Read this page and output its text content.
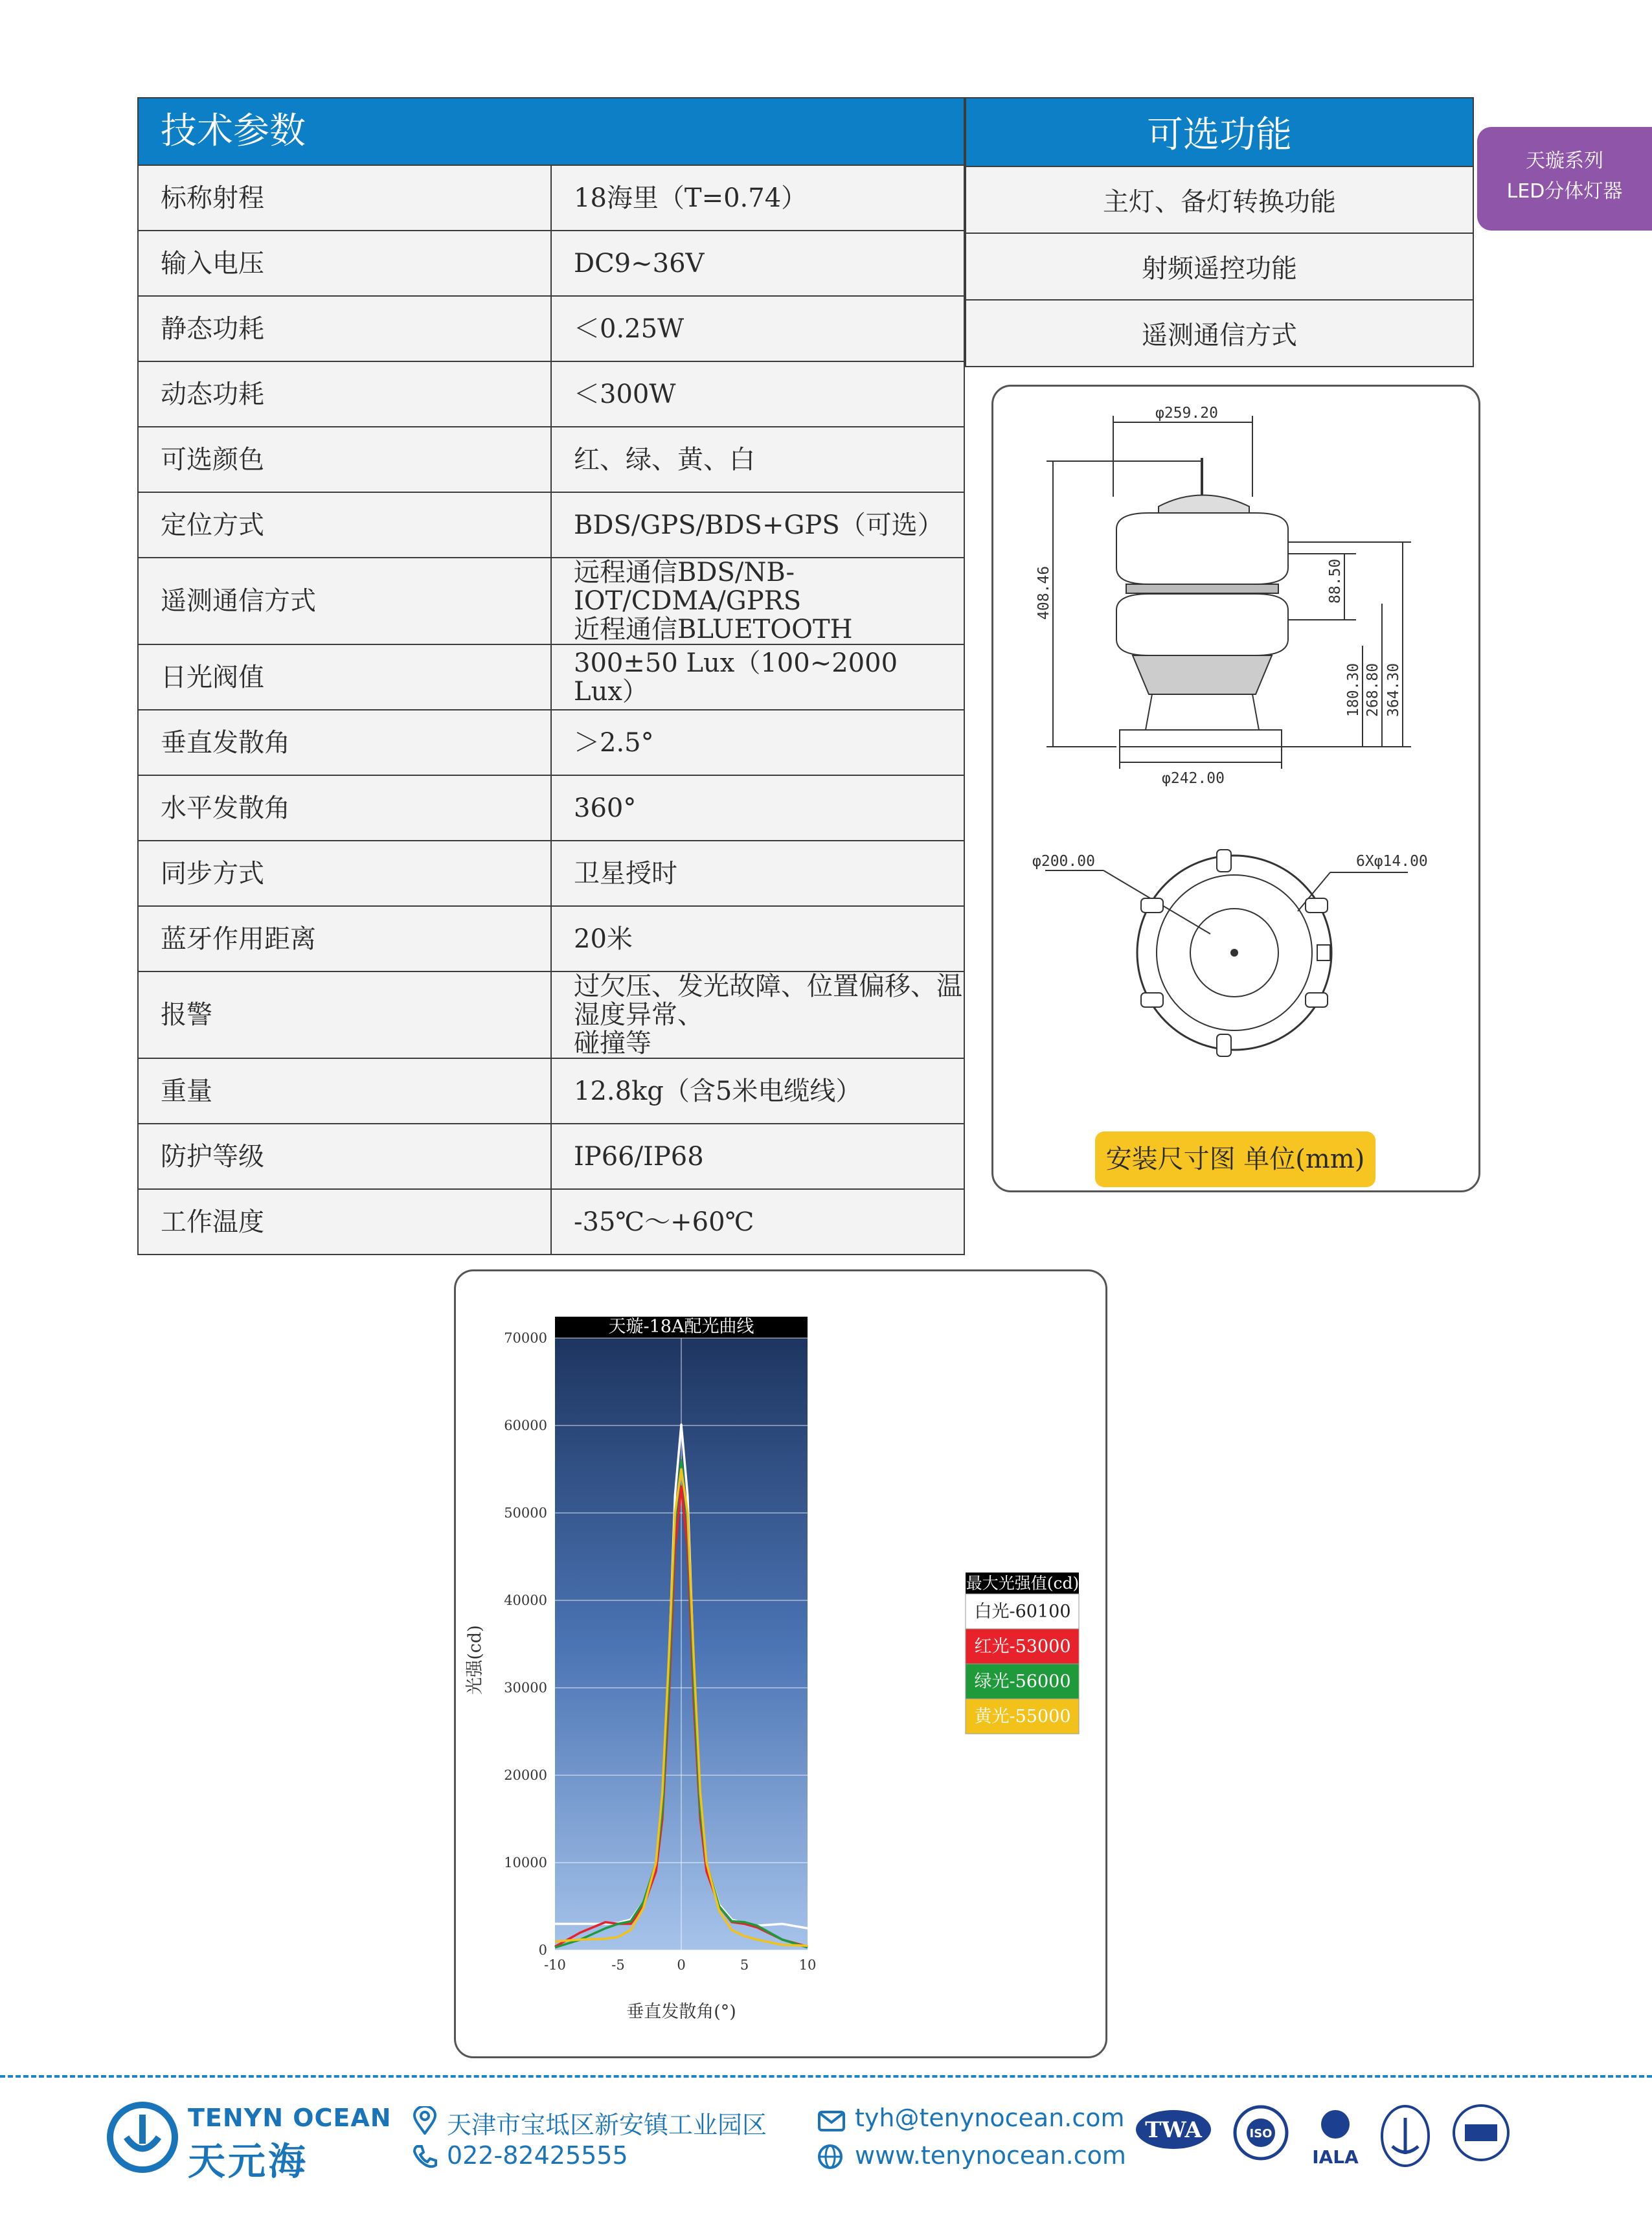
技术参数	
标称射程	18海里（T=0.74）
输入电压	DC9~36V
静态功耗	＜0.25W
动态功耗	＜300W
可选颜色	红、绿、黄、白
定位方式	BDS/GPS/BDS+GPS（可选）
遥测通信方式	远程通信BDS/NB-IOT/CDMA/GPRS
近程通信BLUETOOTH

日光阀值	300±50 Lux（100~2000 Lux）
垂直发散角	＞2.5°
水平发散角	360°
同步方式	卫星授时
蓝牙作用距离	20米
报警	过欠压、发光故障、位置偏移、温湿度异常、
碰撞等

重量	12.8kg（含5米电缆线）
防护等级	IP66/IP68
工作温度	-35℃～+60℃
可选功能
主灯、备灯转换功能
射频遥控功能
遥测通信方式
天璇系列
LED分体灯器
φ259.20
408.46	88.50
180.30 268.80 364.30
φ242.00
φ200.00	6Xφ14.00
安装尺寸图 单位(mm)
天璇-18A配光曲线
0
10000
20000
30000
40000
50000
60000
70000
-10	-5	0	5	10
光强(cd)
垂直发散角(°)
最大光强值(cd)
白光-60100
红光-53000
绿光-56000
黄光-55000
TENYN OCEAN
天元海
天津市宝坻区新安镇工业园区
022-82425555
tyh@tenynocean.com
www.tenynocean.com
TWA	ISO
IALA
